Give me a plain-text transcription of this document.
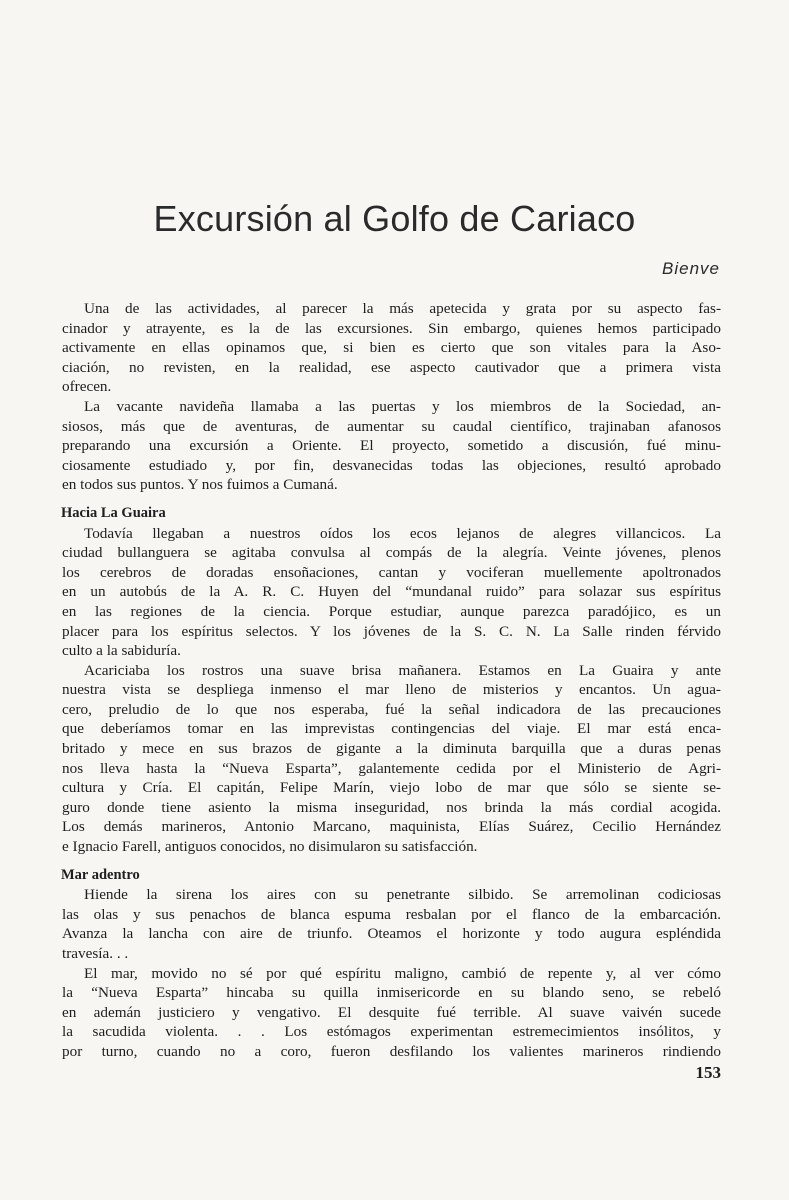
Excursión al Golfo de Cariaco
Bienve

Una de las actividades, al parecer la más apetecida y grata por su aspecto fas-
cinador y atrayente, es la de las excursiones. Sin embargo, quienes hemos participado
activamente en ellas opinamos que, si bien es cierto que son vitales para la Aso-
ciación, no revisten, en la realidad, ese aspecto cautivador que a primera vista
ofrecen.

La vacante navideña llamaba a las puertas y los miembros de la Sociedad, an-
siosos, más que de aventuras, de aumentar su caudal científico, trajinaban afanosos
preparando una excursión a Oriente. El proyecto, sometido a discusión, fué minu-
ciosamente estudiado y, por fin, desvanecidas todas las objeciones, resultó aprobado
en todos sus puntos. Y nos fuimos a Cumaná.

Hacia La Guaira

Todavía llegaban a nuestros oídos los ecos lejanos de alegres villancicos. La
ciudad bullanguera se agitaba convulsa al compás de la alegría. Veinte jóvenes, plenos
los cerebros de doradas ensoñaciones, cantan y vociferan muellemente apoltronados
en un autobús de la A. R. C. Huyen del “mundanal ruido” para solazar sus espíritus
en las regiones de la ciencia. Porque estudiar, aunque parezca paradójico, es un
placer para los espíritus selectos. Y los jóvenes de la S. C. N. La Salle rinden férvido
culto a la sabiduría.

Acariciaba los rostros una suave brisa mañanera. Estamos en La Guaira y ante
nuestra vista se despliega inmenso el mar lleno de misterios y encantos. Un agua-
cero, preludio de lo que nos esperaba, fué la señal indicadora de las precauciones
que deberíamos tomar en las imprevistas contingencias del viaje. El mar está enca-
britado y mece en sus brazos de gigante a la diminuta barquilla que a duras penas
nos lleva hasta la “Nueva Esparta”, galantemente cedida por el Ministerio de Agri-
cultura y Cría. El capitán, Felipe Marín, viejo lobo de mar que sólo se siente se-
guro donde tiene asiento la misma inseguridad, nos brinda la más cordial acogida.
Los demás marineros, Antonio Marcano, maquinista, Elías Suárez, Cecilio Hernández
e Ignacio Farell, antiguos conocidos, no disimularon su satisfacción.

Mar adentro

Hiende la sirena los aires con su penetrante silbido. Se arremolinan codiciosas
las olas y sus penachos de blanca espuma resbalan por el flanco de la embarcación.
Avanza la lancha con aire de triunfo. Oteamos el horizonte y todo augura espléndida
travesía. . .

El mar, movido no sé por qué espíritu maligno, cambió de repente y, al ver cómo
la “Nueva Esparta” hincaba su quilla inmisericorde en su blando seno, se rebeló
en ademán justiciero y vengativo. El desquite fué terrible. Al suave vaivén sucede
la sacudida violenta. . . Los estómagos experimentan estremecimientos insólitos, y
por turno, cuando no a coro, fueron desfilando los valientes marineros rindiendo

153
